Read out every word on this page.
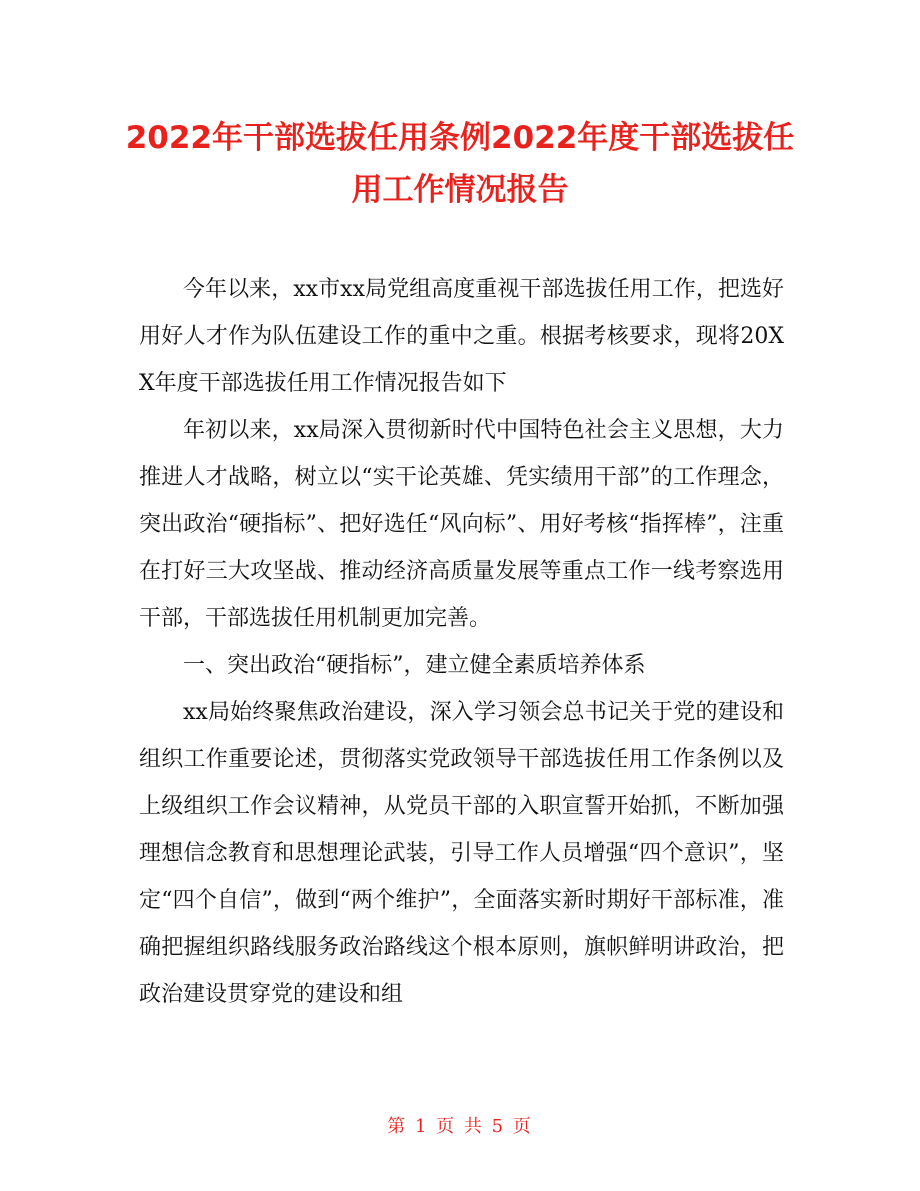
2022年干部选拔任用条例2022年度干部选拔任用工作情况报告

今年以来，xx市xx局党组高度重视干部选拔任用工作，把选好用好人才作为队伍建设工作的重中之重。根据考核要求，现将20XX年度干部选拔任用工作情况报告如下

年初以来，xx局深入贯彻新时代中国特色社会主义思想，大力推进人才战略，树立以“实干论英雄、凭实绩用干部”的工作理念，突出政治“硬指标”、把好选任“风向标”、用好考核“指挥棒”，注重在打好三大攻坚战、推动经济高质量发展等重点工作一线考察选用干部，干部选拔任用机制更加完善。

一、突出政治“硬指标”，建立健全素质培养体系

xx局始终聚焦政治建设，深入学习领会总书记关于党的建设和组织工作重要论述，贯彻落实党政领导干部选拔任用工作条例以及上级组织工作会议精神，从党员干部的入职宣誓开始抓，不断加强理想信念教育和思想理论武装，引导工作人员增强“四个意识”，坚定“四个自信”，做到“两个维护”，全面落实新时期好干部标准，准确把握组织路线服务政治路线这个根本原则，旗帜鲜明讲政治，把政治建设贯穿党的建设和组

第 1 页 共 5 页
